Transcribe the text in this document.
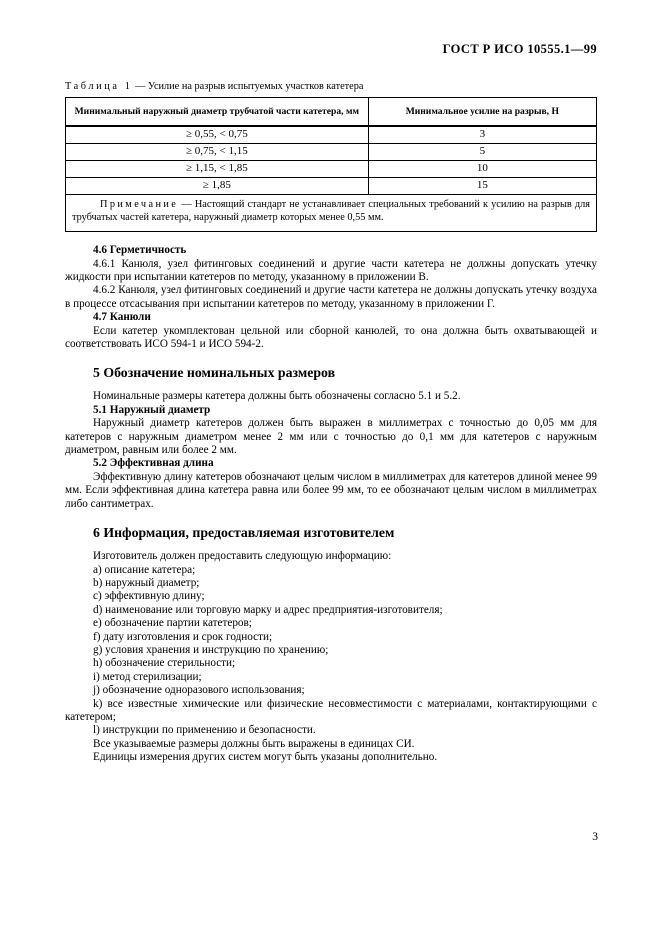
ГОСТ Р ИСО 10555.1—99

Таблица 1 — Усилие на разрыв испытуемых участков катетера

Минимальный наружный диаметр трубчатой части катетера, мм	Минимальное усилие на разрыв, Н
≥ 0,55, < 0,75	3
≥ 0,75, < 1,15	5
≥ 1,15, < 1,85	10
≥ 1,85	15

Примечание — Настоящий стандарт не устанавливает специальных требований к усилию на разрыв для трубчатых частей катетера, наружный диаметр которых менее 0,55 мм.	

4.6 Герметичность

4.6.1 Канюля, узел фитинговых соединений и другие части катетера не должны допускать утечку жидкости при испытании катетеров по методу, указанному в приложении В.

4.6.2 Канюля, узел фитинговых соединений и другие части катетера не должны допускать утечку воздуха в процессе отсасывания при испытании катетеров по методу, указанному в приложении Г.

4.7 Канюли

Если катетер укомплектован цельной или сборной канюлей, то она должна быть охватывающей и соответствовать ИСО 594-1 и ИСО 594-2.

5 Обозначение номинальных размеров

Номинальные размеры катетера должны быть обозначены согласно 5.1 и 5.2.

5.1 Наружный диаметр

Наружный диаметр катетеров должен быть выражен в миллиметрах с точностью до 0,05 мм для катетеров с наружным диаметром менее 2 мм или с точностью до 0,1 мм для катетеров с наружным диаметром, равным или более 2 мм.

5.2 Эффективная длина

Эффективную длину катетеров обозначают целым числом в миллиметрах для катетеров длиной менее 99 мм. Если эффективная длина катетера равна или более 99 мм, то ее обозначают целым числом в миллиметрах либо сантиметрах.

6 Информация, предоставляемая изготовителем

Изготовитель должен предоставить следующую информацию:

a) описание катетера;

b) наружный диаметр;

c) эффективную длину;

d) наименование или торговую марку и адрес предприятия-изготовителя;

e) обозначение партии катетеров;

f) дату изготовления и срок годности;

g) условия хранения и инструкцию по хранению;

h) обозначение стерильности;

i) метод стерилизации;

j) обозначение одноразового использования;

k) все известные химические или физические несовместимости с материалами, контактирующими с катетером;

l) инструкции по применению и безопасности.

Все указываемые размеры должны быть выражены в единицах СИ.

Единицы измерения других систем могут быть указаны дополнительно.

3
